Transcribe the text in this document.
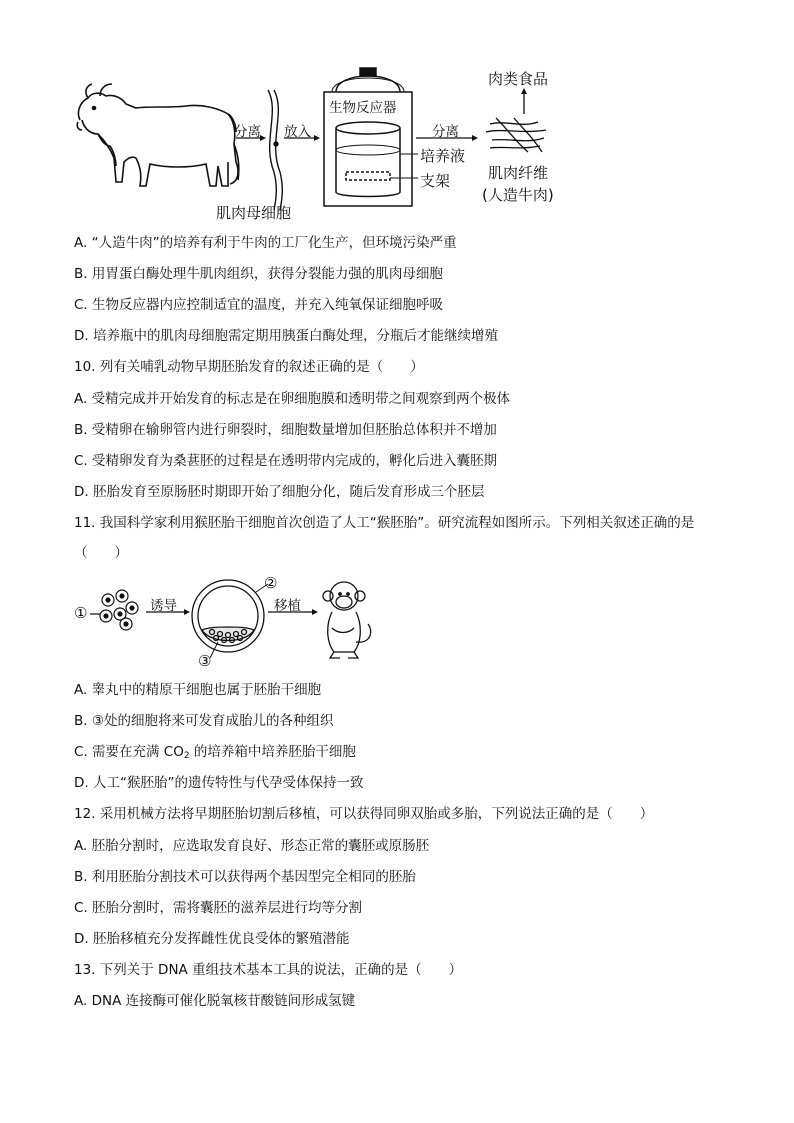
分离 放入
生物反应器
培养液
支架
分离
肉类食品
肌肉纤维
(人造牛肉)
肌肉母细胞
A. “人造牛肉”的培养有利于牛肉的工厂化生产，但环境污染严重
B. 用胃蛋白酶处理牛肌肉组织，获得分裂能力强的肌肉母细胞
C. 生物反应器内应控制适宜的温度，并充入纯氧保证细胞呼吸
D. 培养瓶中的肌肉母细胞需定期用胰蛋白酶处理，分瓶后才能继续增殖
10. 列有关哺乳动物早期胚胎发育的叙述正确的是（　　）
A. 受精完成并开始发育的标志是在卵细胞膜和透明带之间观察到两个极体
B. 受精卵在输卵管内进行卵裂时，细胞数量增加但胚胎总体积并不增加
C. 受精卵发育为桑葚胚的过程是在透明带内完成的，孵化后进入囊胚期
D. 胚胎发育至原肠胚时期即开始了细胞分化，随后发育形成三个胚层
11. 我国科学家利用猴胚胎干细胞首次创造了人工“猴胚胎”。研究流程如图所示。下列相关叙述正确的是
（　　）
①
②
③
诱导	移植
A. 睾丸中的精原干细胞也属于胚胎干细胞
B. ③处的细胞将来可发育成胎儿的各种组织
C. 需要在充满 $CO_2$ 的培养箱中培养胚胎干细胞
D. 人工“猴胚胎”的遗传特性与代孕受体保持一致
12. 采用机械方法将早期胚胎切割后移植，可以获得同卵双胎或多胎，下列说法正确的是（　　）
A. 胚胎分割时，应选取发育良好、形态正常的囊胚或原肠胚
B. 利用胚胎分割技术可以获得两个基因型完全相同的胚胎
C. 胚胎分割时，需将囊胚的滋养层进行均等分割
D. 胚胎移植充分发挥雌性优良受体的繁殖潜能
13. 下列关于 DNA 重组技术基本工具的说法，正确的是（　　）
A. DNA 连接酶可催化脱氧核苷酸链间形成氢键
